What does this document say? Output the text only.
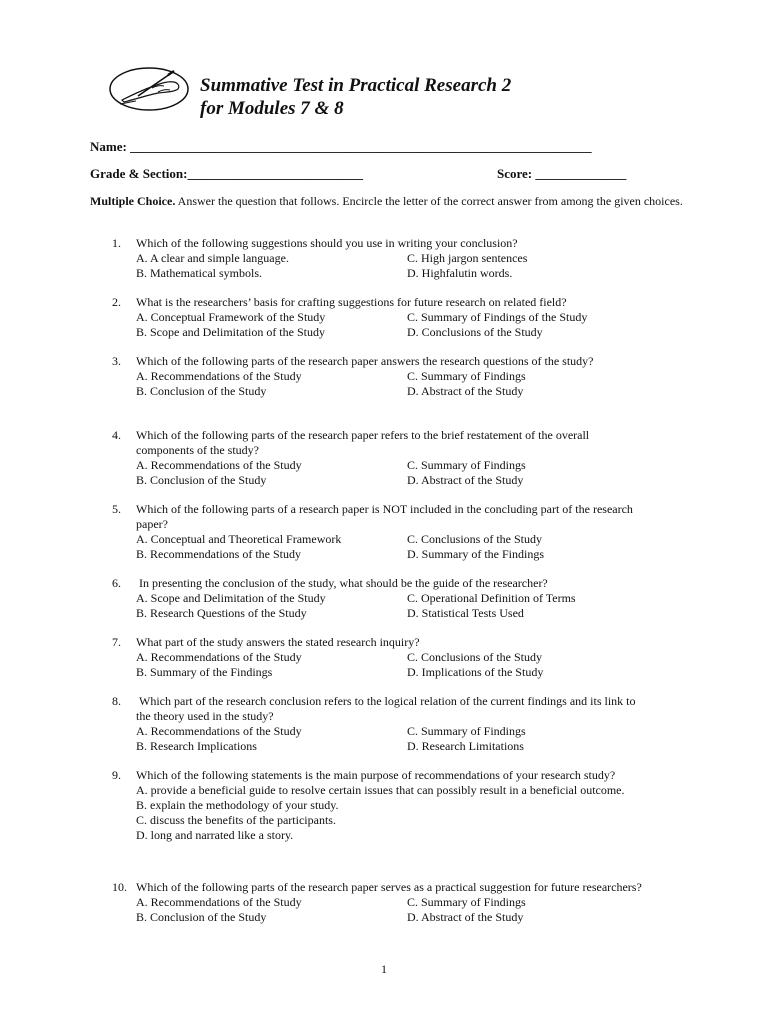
Summative Test in Practical Research 2
for Modules 7 & 8
Name: _______________________________________________________________________
Grade & Section:___________________________	Score: ______________
Multiple Choice. Answer the question that follows. Encircle the letter of the correct answer from among the given choices.
1. Which of the following suggestions should you use in writing your conclusion?
A. A clear and simple language.	C. High jargon sentences
B. Mathematical symbols.	D. Highfalutin words.
2. What is the researchers’ basis for crafting suggestions for future research on related field?
A. Conceptual Framework of the Study	C. Summary of Findings of the Study
B. Scope and Delimitation of the Study	D. Conclusions of the Study
3. Which of the following parts of the research paper answers the research questions of the study?
A. Recommendations of the Study	C. Summary of Findings
B. Conclusion of the Study	D. Abstract of the Study
4. Which of the following parts of the research paper refers to the brief restatement of the overall components of the study?
A. Recommendations of the Study	C. Summary of Findings
B. Conclusion of the Study	D. Abstract of the Study
5. Which of the following parts of a research paper is NOT included in the concluding part of the research paper?
A. Conceptual and Theoretical Framework	C. Conclusions of the Study
B. Recommendations of the Study	D. Summary of the Findings
6. In presenting the conclusion of the study, what should be the guide of the researcher?
A. Scope and Delimitation of the Study	C. Operational Definition of Terms
B. Research Questions of the Study	D. Statistical Tests Used
7. What part of the study answers the stated research inquiry?
A. Recommendations of the Study	C. Conclusions of the Study
B. Summary of the Findings	D. Implications of the Study
8. Which part of the research conclusion refers to the logical relation of the current findings and its link to the theory used in the study?
A. Recommendations of the Study	C. Summary of Findings
B. Research Implications	D. Research Limitations
9. Which of the following statements is the main purpose of recommendations of your research study?
A. provide a beneficial guide to resolve certain issues that can possibly result in a beneficial outcome.
B. explain the methodology of your study.
C. discuss the benefits of the participants.
D. long and narrated like a story.
10. Which of the following parts of the research paper serves as a practical suggestion for future researchers?
A. Recommendations of the Study	C. Summary of Findings
B. Conclusion of the Study	D. Abstract of the Study
1
